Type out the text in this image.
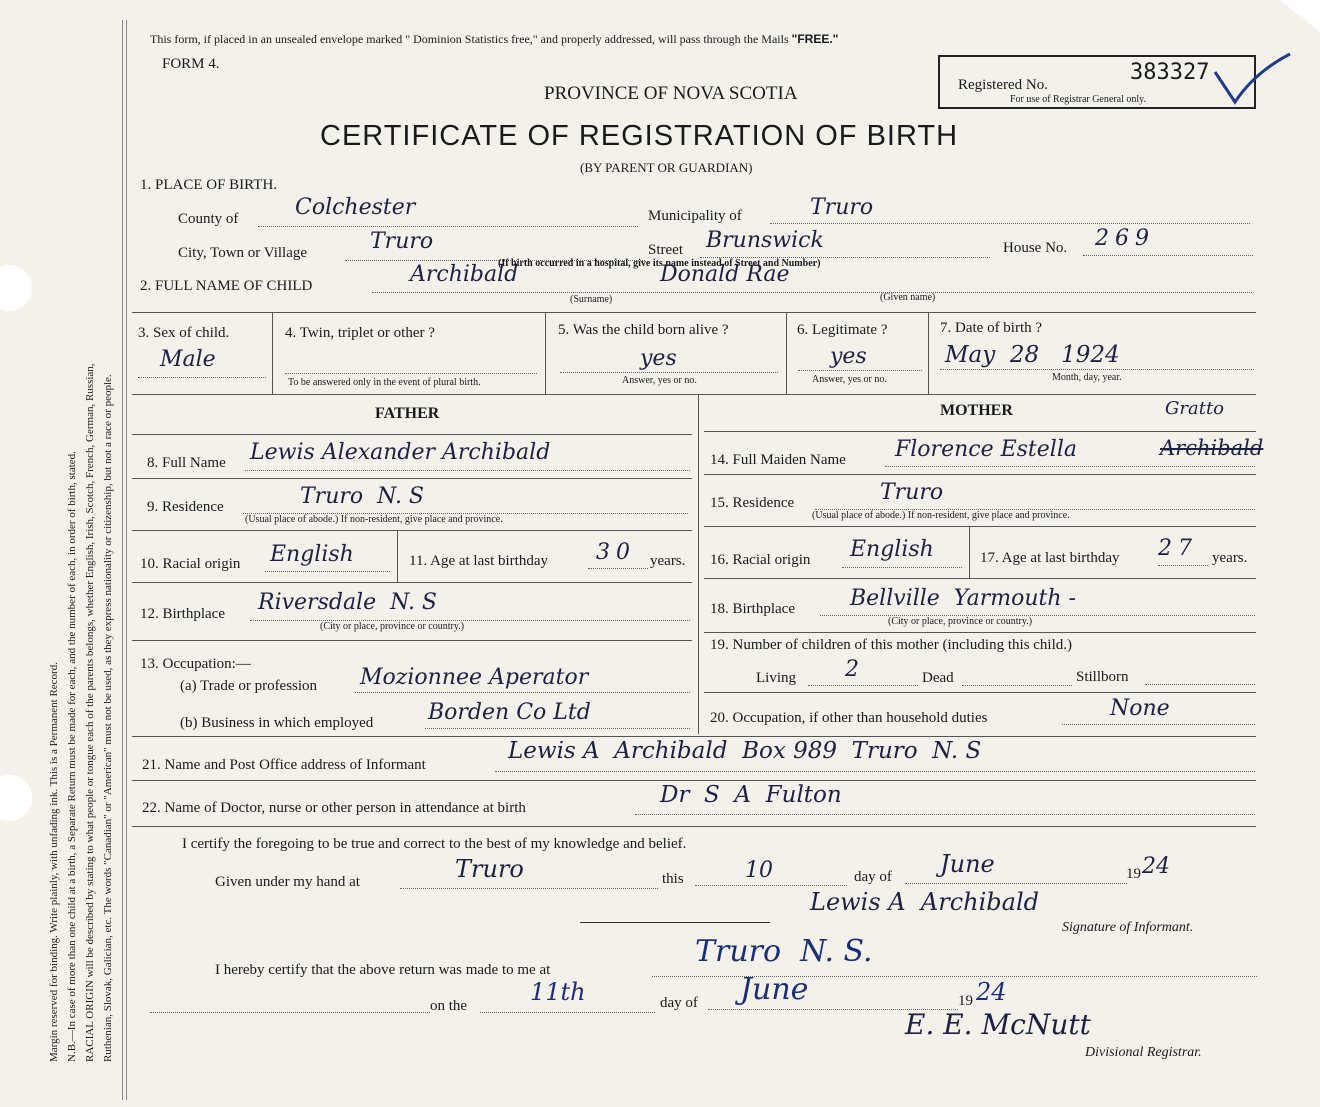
Margin reserved for binding. Write plainly, with unfading ink. This is a Permanent Record. N.B.—In case of more than one child at a birth, a Separate Return must be made for each, and the number of each, in order of birth, stated. RACIAL ORIGIN will be described by stating to what people or tongue each of the parents belongs, whether English, Irish, Scotch, French, German, Russian, Ruthenian, Slovak, Galician, etc. The words "Canadian" or "American" must not be used, as they express nationality or citizenship, but not a race or people.
This form, if placed in an unsealed envelope marked " Dominion Statistics free," and properly addressed, will pass through the Mails "FREE."
FORM 4.
PROVINCE OF NOVA SCOTIA
CERTIFICATE OF REGISTRATION OF BIRTH
(BY PARENT OR GUARDIAN)
Registered No.	383327
For use of Registrar General only.
1. PLACE OF BIRTH.
County of	Colchester	Municipality of	Truro
City, Town or Village	Truro	Street Brunswick	House No. 269
(If birth occurred in a hospital, give its name instead of Street and Number)
2. FULL NAME OF CHILD	Archibald	Donald Rae
(Surname)	(Given name)
3. Sex of child.
Male
4. Twin, triplet or other ?
To be answered only in the event of plural birth.
5. Was the child born alive ?
yes
Answer, yes or no.
6. Legitimate ?
yes
Answer, yes or no.
7. Date of birth ?
May  28   1924
Month, day, year.
FATHER	MOTHER	Gratto
8. Full Name Lewis Alexander Archibald
9. Residence	Truro  N. S
(Usual place of abode.) If non-resident, give place and province.
10. Racial origin English	11. Age at last birthday 30 years.
12. Birthplace Riversdale  N. S
(City or place, province or country.)
13. Occupation:—
(a) Trade or profession Mozionnee Aperator
(b) Business in which employed Borden Co Ltd
14. Full Maiden Name Florence Estella	Archibald
15. Residence	Truro
(Usual place of abode.) If non-resident, give place and province.
16. Racial origin English	17. Age at last birthday 27 years.
18. Birthplace	Bellville  Yarmouth -
(City or place, province or country.)
19. Number of children of this mother (including this child.)
Living 2	Dead	Stillborn
20. Occupation, if other than household duties	None
21. Name and Post Office address of Informant
Lewis A  Archibald  Box 989  Truro  N. S
22. Name of Doctor, nurse or other person in attendance at birth	Dr  S  A  Fulton
I certify the foregoing to be true and correct to the best of my knowledge and belief.
Given under my hand at	Truro	this	10	day of June	19 24
Lewis A  Archibald
Signature of Informant.
I hereby certify that the above return was made to me at
Truro  N. S.
on the	11th	day of June	19 24
E. E. McNutt
Divisional Registrar.
